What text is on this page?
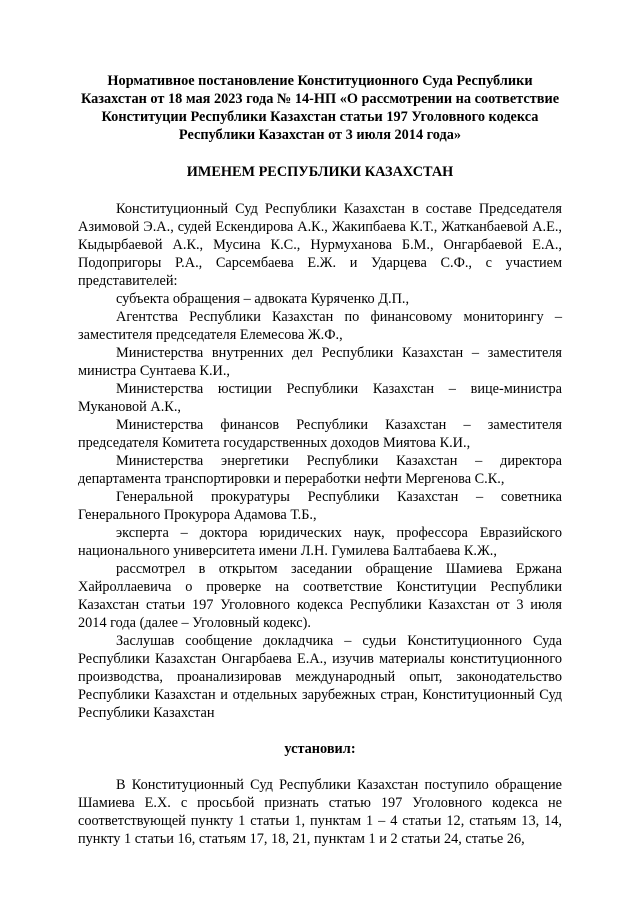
Нормативное постановление Конституционного Суда Республики Казахстан от 18 мая 2023 года № 14-НП «О рассмотрении на соответствие Конституции Республики Казахстан статьи 197 Уголовного кодекса Республики Казахстан от 3 июля 2014 года»
ИМЕНЕМ РЕСПУБЛИКИ КАЗАХСТАН

Конституционный Суд Республики Казахстан в составе Председателя Азимовой Э.А., судей Ескендирова А.К., Жакипбаева К.Т., Жатканбаевой А.Е., Кыдырбаевой А.К., Мусина К.С., Нурмуханова Б.М., Онгарбаевой Е.А., Подопригоры Р.А., Сарсембаева Е.Ж. и Ударцева С.Ф., с участием представителей:

субъекта обращения – адвоката Куряченко Д.П.,

Агентства Республики Казахстан по финансовому мониторингу – заместителя председателя Елемесова Ж.Ф.,

Министерства внутренних дел Республики Казахстан – заместителя министра Сунтаева К.И.,

Министерства юстиции Республики Казахстан – вице-министра Мукановой А.К.,

Министерства финансов Республики Казахстан – заместителя председателя Комитета государственных доходов Миятова К.И.,

Министерства энергетики Республики Казахстан – директора департамента транспортировки и переработки нефти Мергенова С.К.,

Генеральной прокуратуры Республики Казахстан – советника Генерального Прокурора Адамова Т.Б.,

эксперта – доктора юридических наук, профессора Евразийского национального университета имени Л.Н. Гумилева Балтабаева К.Ж.,

рассмотрел в открытом заседании обращение Шамиева Ержана Хайроллаевича о проверке на соответствие Конституции Республики Казахстан статьи 197 Уголовного кодекса Республики Казахстан от 3 июля 2014 года (далее – Уголовный кодекс).

Заслушав сообщение докладчика – судьи Конституционного Суда Республики Казахстан Онгарбаева Е.А., изучив материалы конституционного производства, проанализировав международный опыт, законодательство Республики Казахстан и отдельных зарубежных стран, Конституционный Суд Республики Казахстан

установил:

В Конституционный Суд Республики Казахстан поступило обращение Шамиева Е.Х. с просьбой признать статью 197 Уголовного кодекса не соответствующей пункту 1 статьи 1, пунктам 1 – 4 статьи 12, статьям 13, 14, пункту 1 статьи 16, статьям 17, 18, 21, пунктам 1 и 2 статьи 24, статье 26,
